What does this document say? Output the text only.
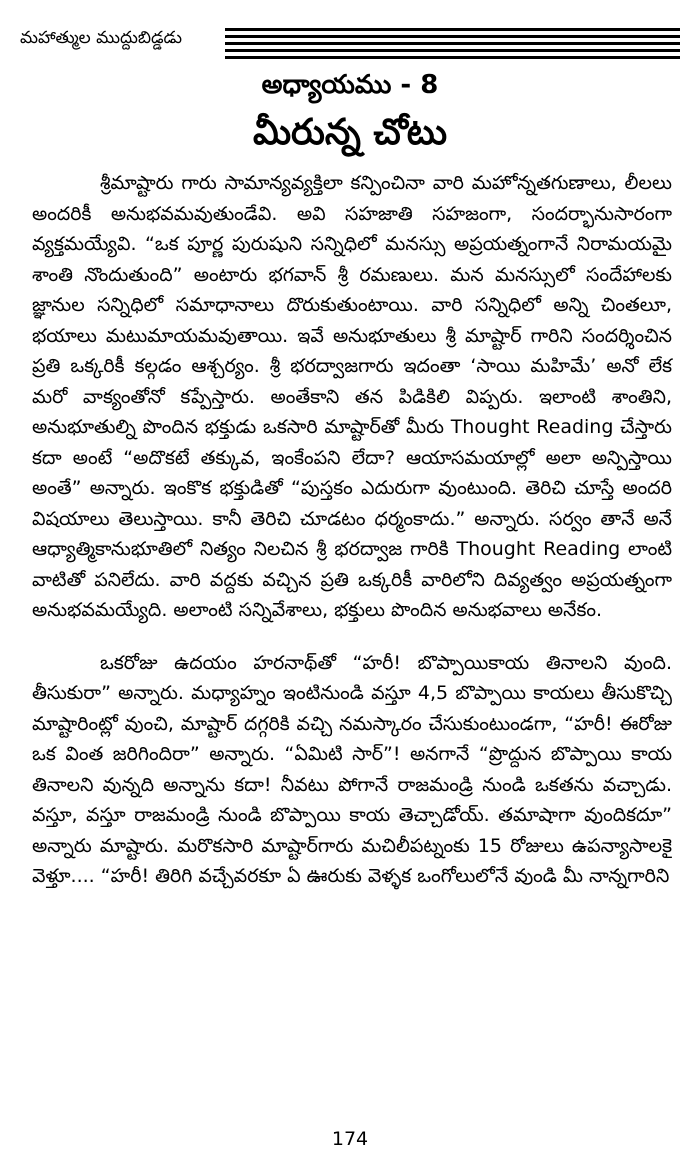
మహాత్ముల ముద్దుబిడ్డడు
అధ్యాయము - 8
మీరున్న చోటు

శ్రీమాష్టారు గారు సామాన్యవ్యక్తిలా కన్పించినా వారి మహోన్నతగుణాలు, లీలలు అందరికీ అనుభవమవుతుండేవి. అవి సహజాతి సహజంగా, సందర్భానుసారంగా వ్యక్తమయ్యేవి. “ఒక పూర్ణ పురుషుని సన్నిధిలో మనస్సు అప్రయత్నంగానే నిరామయమై శాంతి నొందుతుంది” అంటారు భగవాన్ శ్రీ రమణులు. మన మనస్సులో సందేహాలకు జ్ఞానుల సన్నిధిలో సమాధానాలు దొరుకుతుంటాయి. వారి సన్నిధిలో అన్ని చింతలూ, భయాలు మటుమాయమవుతాయి. ఇవే అనుభూతులు శ్రీ మాష్టార్ గారిని సందర్శించిన ప్రతి ఒక్కరికీ కల్గడం ఆశ్చర్యం. శ్రీ భరద్వాజగారు ఇదంతా ‘సాయి మహిమే’ అనో లేక మరో వాక్యంతోనో కప్పేస్తారు. అంతేకాని తన పిడికిలి విప్పరు. ఇలాంటి శాంతిని, అనుభూతుల్ని పొందిన భక్తుడు ఒకసారి మాష్టార్‌తో మీరు Thought Reading చేస్తారు కదా అంటే “అదొకటే తక్కువ, ఇంకేంపని లేదా? ఆయాసమయాల్లో అలా అన్పిస్తాయి అంతే” అన్నారు. ఇంకొక భక్తుడితో “పుస్తకం ఎదురుగా వుంటుంది. తెరిచి చూస్తే అందరి విషయాలు తెలుస్తాయి. కానీ తెరిచి చూడటం ధర్మంకాదు.” అన్నారు. సర్వం తానే అనే ఆధ్యాత్మికానుభూతిలో నిత్యం నిలచిన శ్రీ భరద్వాజ గారికి Thought Reading లాంటి వాటితో పనిలేదు. వారి వద్దకు వచ్చిన ప్రతి ఒక్కరికీ వారిలోని దివ్యత్వం అప్రయత్నంగా అనుభవమయ్యేది. అలాంటి సన్నివేశాలు, భక్తులు పొందిన అనుభవాలు అనేకం.

ఒకరోజు ఉదయం హరనాథ్‌తో “హరీ! బొప్పాయికాయ తినాలని వుంది. తీసుకురా” అన్నారు. మధ్యాహ్నం ఇంటినుండి వస్తూ 4,5 బొప్పాయి కాయలు తీసుకొచ్చి మాష్టారింట్లో వుంచి, మాష్టార్ దగ్గరికి వచ్చి నమస్కారం చేసుకుంటుండగా, “హరీ! ఈరోజు ఒక వింత జరిగిందిరా” అన్నారు. “ఏమిటి సార్”! అనగానే “ప్రొద్దున బొప్పాయి కాయ తినాలని వున్నది అన్నాను కదా! నీవటు పోగానే రాజమండ్రి నుండి ఒకతను వచ్చాడు. వస్తూ, వస్తూ రాజమండ్రి నుండి బొప్పాయి కాయ తెచ్చాడోయ్. తమాషాగా వుందికదూ” అన్నారు మాష్టారు. మరొకసారి మాష్టార్‌గారు మచిలీపట్నంకు 15 రోజులు ఉపన్యాసాలకై వెళ్తూ.... “హరీ! తిరిగి వచ్చేవరకూ ఏ ఊరుకు వెళ్ళక ఒంగోలులోనే వుండి మీ నాన్నగారిని

174
